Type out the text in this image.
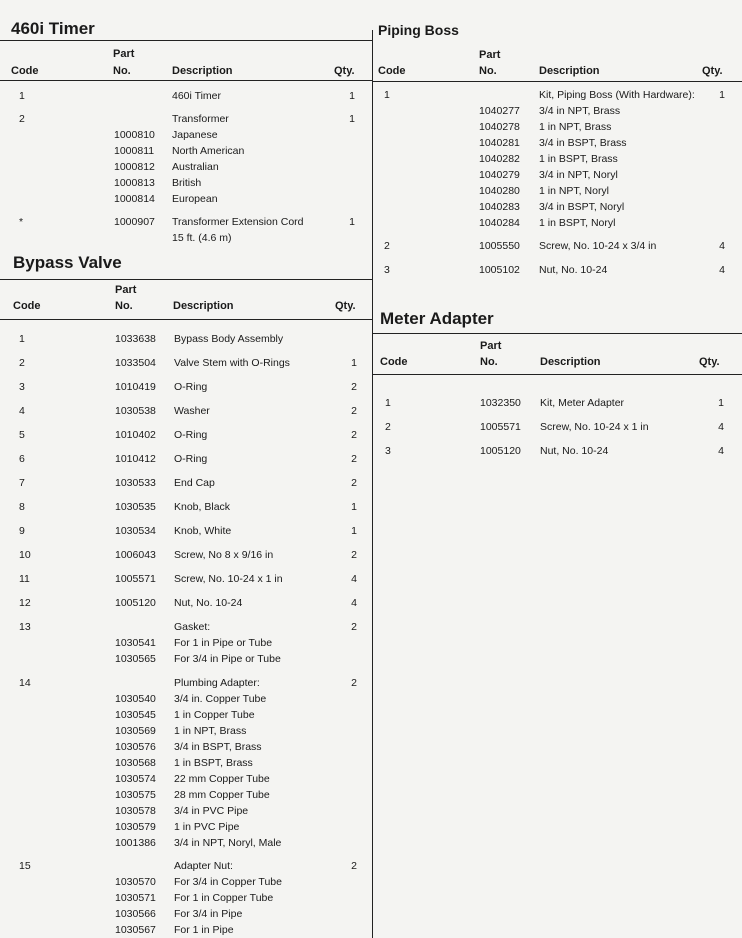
460i Timer
Part
Code	No.	Description	Qty.
1	460i Timer	1
2	Transformer	1
1000810 Japanese
1000811 North American
1000812 Australian
1000813 British
1000814 European
*	1000907 Transformer Extension Cord	1
15 ft. (4.6 m)
Bypass Valve
Part
Code	No.	Description	Qty.
1	1033638 Bypass Body Assembly
2	1033504 Valve Stem with O-Rings	1
3	1010419 O-Ring	2
4	1030538 Washer	2
5	1010402 O-Ring	2
6	1010412 O-Ring	2
7	1030533 End Cap	2
8	1030535 Knob, Black	1
9	1030534 Knob, White	1
10	1006043 Screw, No 8 x 9/16 in	2
11	1005571 Screw, No. 10-24 x 1 in	4
12	1005120 Nut, No. 10-24	4
13	Gasket:	2
1030541 For 1 in Pipe or Tube
1030565 For 3/4 in Pipe or Tube
14	Plumbing Adapter:	2
1030540 3/4 in. Copper Tube
1030545 1 in Copper Tube
1030569 1 in NPT, Brass
1030576 3/4 in BSPT, Brass
1030568 1 in BSPT, Brass
1030574 22 mm Copper Tube
1030575 28 mm Copper Tube
1030578 3/4 in PVC Pipe
1030579 1 in PVC Pipe
1001386 3/4 in NPT, Noryl, Male
15	Adapter Nut:	2
1030570 For 3/4 in Copper Tube
1030571 For 1 in Copper Tube
1030566 For 3/4 in Pipe
1030567 For 1 in Pipe
Piping Boss
Part
Code	No.	Description	Qty.
1	Kit, Piping Boss (With Hardware):	1
1040277 3/4 in NPT, Brass
1040278 1 in NPT, Brass
1040281 3/4 in BSPT, Brass
1040282 1 in BSPT, Brass
1040279 3/4 in NPT, Noryl
1040280 1 in NPT, Noryl
1040283 3/4 in BSPT, Noryl
1040284 1 in BSPT, Noryl
2	1005550 Screw, No. 10-24 x 3/4 in	4
3	1005102 Nut, No. 10-24	4
Meter Adapter
Part
Code	No.	Description	Qty.
1	1032350 Kit, Meter Adapter	1
2	1005571 Screw, No. 10-24 x 1 in	4
3	1005120 Nut, No. 10-24	4
